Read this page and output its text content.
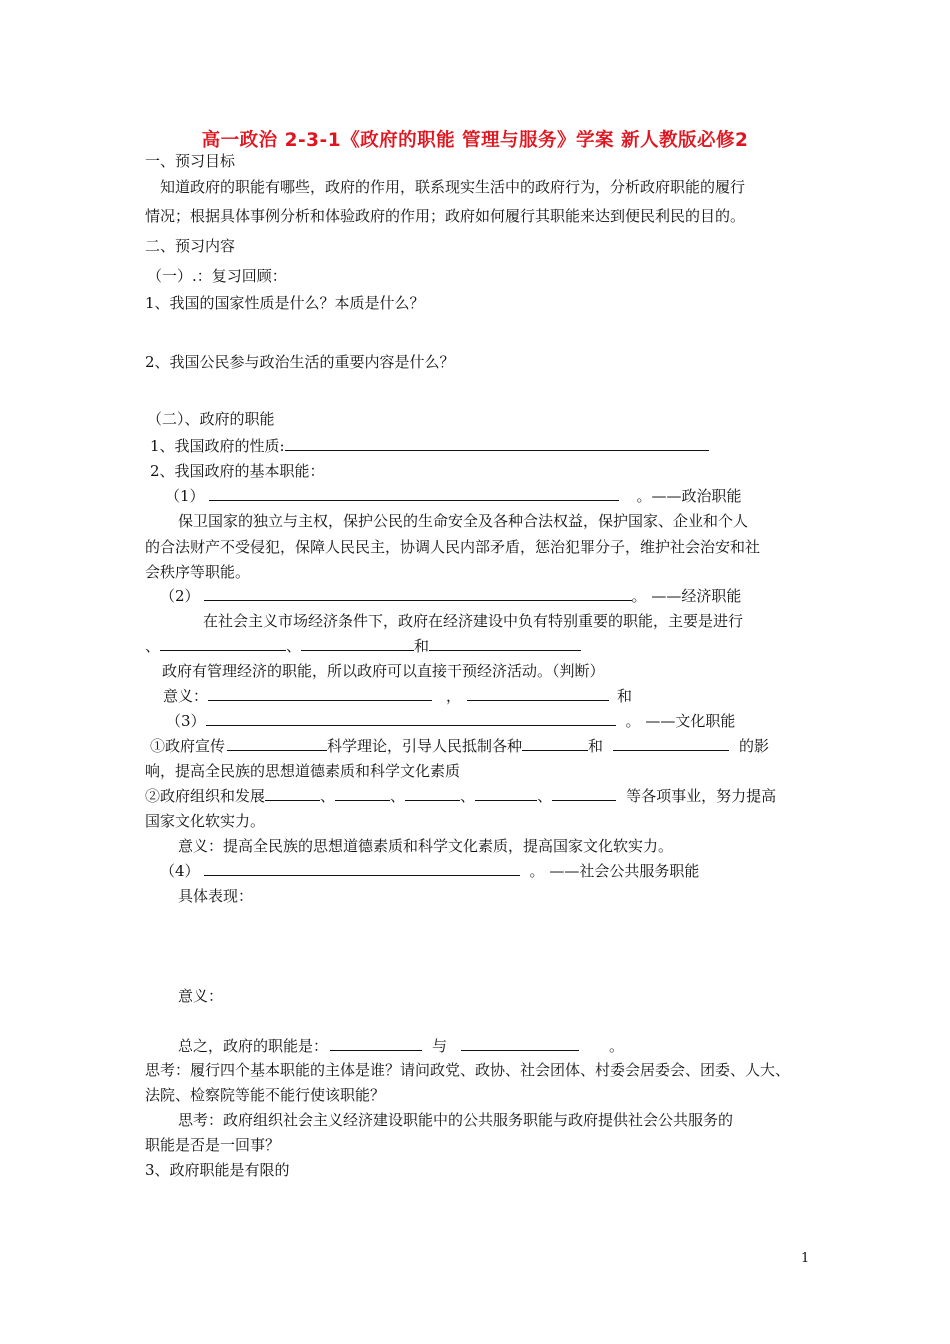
高一政治 2-3-1《政府的职能 管理与服务》学案 新人教版必修2
一、预习目标
知道政府的职能有哪些，政府的作用，联系现实生活中的政府行为，分析政府职能的履行
情况；根据具体事例分析和体验政府的作用；政府如何履行其职能来达到便民利民的目的。
二、预习内容
（一）.：复习回顾：
1、我国的国家性质是什么？本质是什么？
2、我国公民参与政治生活的重要内容是什么？
（二）、政府的职能
1、我国政府的性质:
2、我国政府的基本职能：
（1）	。——政治职能
保卫国家的独立与主权，保护公民的生命安全及各种合法权益，保护国家、企业和个人
的合法财产不受侵犯，保障人民民主，协调人民内部矛盾，惩治犯罪分子，维护社会治安和社
会秩序等职能。
（2）	。 ——经济职能
在社会主义市场经济条件下，政府在经济建设中负有特别重要的职能，主要是进行
、	、	和
政府有管理经济的职能，所以政府可以直接干预经济活动。（判断）
意义：	，	和
（3）	。 ——文化职能
①政府宣传	科学理论，引导人民抵制各种	和	的影
响，提高全民族的思想道德素质和科学文化素质
②政府组织和发展	、	、	、	、	等各项事业，努力提高
国家文化软实力。
意义：提高全民族的思想道德素质和科学文化素质，提高国家文化软实力。
（4）	。 ——社会公共服务职能
具体表现：
意义：
总之，政府的职能是：	与	。
思考：履行四个基本职能的主体是谁？请问政党、政协、社会团体、村委会居委会、团委、人大、
法院、检察院等能不能行使该职能？
思考：政府组织社会主义经济建设职能中的公共服务职能与政府提供社会公共服务的
职能是否是一回事？
3、政府职能是有限的
1
